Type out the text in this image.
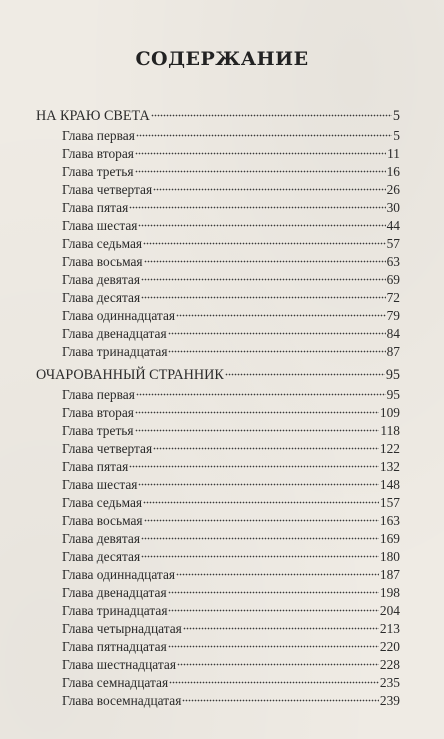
СОДЕРЖАНИЕ
НА КРАЮ СВЕТА	5
Глава первая	5
Глава вторая	11
Глава третья	16
Глава четвертая	26
Глава пятая	30
Глава шестая	44
Глава седьмая	57
Глава восьмая	63
Глава девятая	69
Глава десятая	72
Глава одиннадцатая	79
Глава двенадцатая	84
Глава тринадцатая	87
ОЧАРОВАННЫЙ СТРАННИК	95
Глава первая	95
Глава вторая	109
Глава третья	118
Глава четвертая	122
Глава пятая	132
Глава шестая	148
Глава седьмая	157
Глава восьмая	163
Глава девятая	169
Глава десятая	180
Глава одиннадцатая	187
Глава двенадцатая	198
Глава тринадцатая	204
Глава четырнадцатая	213
Глава пятнадцатая	220
Глава шестнадцатая	228
Глава семнадцатая	235
Глава восемнадцатая	239
